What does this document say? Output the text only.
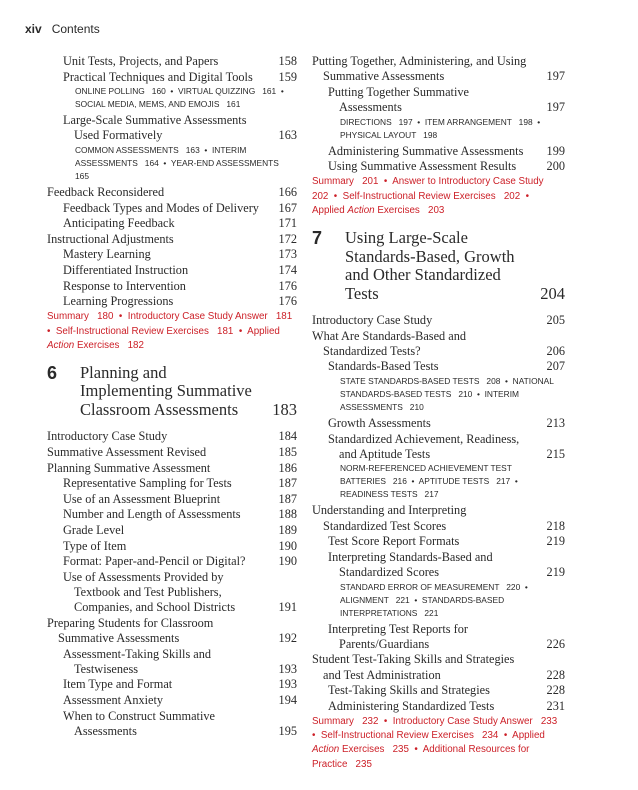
xiv Contents
Unit Tests, Projects, and Papers	158
Practical Techniques and Digital Tools	159
ONLINE POLLING   160  •  VIRTUAL QUIZZING   161  •  SOCIAL MEDIA, MEMS, AND EMOJIS   161
Large-Scale Summative Assessments Used Formatively	163
COMMON ASSESSMENTS   163  •  INTERIM ASSESSMENTS   164  •  YEAR-END ASSESSMENTS   165
Feedback Reconsidered	166
Feedback Types and Modes of Delivery	167
Anticipating Feedback	171
Instructional Adjustments	172
Mastery Learning	173
Differentiated Instruction	174
Response to Intervention	176
Learning Progressions	176
Summary   180  •  Introductory Case Study Answer   181  •  Self-Instructional Review Exercises   181  •  Applied Action Exercises   182
6	Planning and Implementing Summative Classroom Assessments	183
Introductory Case Study	184
Summative Assessment Revised	185
Planning Summative Assessment	186
Representative Sampling for Tests	187
Use of an Assessment Blueprint	187
Number and Length of Assessments	188
Grade Level	189
Type of Item	190
Format: Paper-and-Pencil or Digital?	190
Use of Assessments Provided by Textbook and Test Publishers, Companies, and School Districts	191
Preparing Students for Classroom Summative Assessments	192
Assessment-Taking Skills and Testwiseness	193
Item Type and Format	193
Assessment Anxiety	194
When to Construct Summative Assessments	195
Putting Together, Administering, and Using Summative Assessments	197
Putting Together Summative Assessments	197
DIRECTIONS   197  •  ITEM ARRANGEMENT   198  •  PHYSICAL LAYOUT   198
Administering Summative Assessments	199
Using Summative Assessment Results	200
Summary   201  •  Answer to Introductory Case Study   202  •  Self-Instructional Review Exercises   202  •  Applied Action Exercises   203
7	Using Large-Scale Standards-Based, Growth and Other Standardized Tests	204
Introductory Case Study	205
What Are Standards-Based and Standardized Tests?	206
Standards-Based Tests	207
STATE STANDARDS-BASED TESTS   208  •  NATIONAL STANDARDS-BASED TESTS   210  •  INTERIM ASSESSMENTS   210
Growth Assessments	213
Standardized Achievement, Readiness, and Aptitude Tests	215
NORM-REFERENCED ACHIEVEMENT TEST BATTERIES   216  •  APTITUDE TESTS   217  •  READINESS TESTS   217
Understanding and Interpreting Standardized Test Scores	218
Test Score Report Formats	219
Interpreting Standards-Based and Standardized Scores	219
STANDARD ERROR OF MEASUREMENT   220  •  ALIGNMENT   221  •  STANDARDS-BASED INTERPRETATIONS   221
Interpreting Test Reports for Parents/Guardians	226
Student Test-Taking Skills and Strategies and Test Administration	228
Test-Taking Skills and Strategies	228
Administering Standardized Tests	231
Summary   232  •  Introductory Case Study Answer   233  •  Self-Instructional Review Exercises   234  •  Applied Action Exercises   235  •  Additional Resources for Practice   235
